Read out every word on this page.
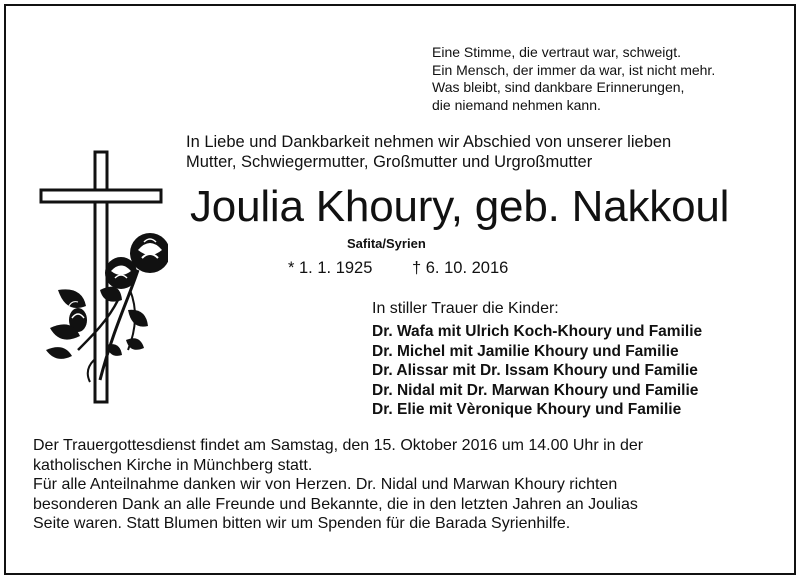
Eine Stimme, die vertraut war, schweigt.
Ein Mensch, der immer da war, ist nicht mehr.
Was bleibt, sind dankbare Erinnerungen,
die niemand nehmen kann.
In Liebe und Dankbarkeit nehmen wir Abschied von unserer lieben
Mutter, Schwiegermutter, Großmutter und Urgroßmutter
Joulia Khoury, geb. Nakkoul
Safita/Syrien
* 1. 1. 1925 † 6. 10. 2016
In stiller Trauer die Kinder:
Dr. Wafa mit Ulrich Koch-Khoury und Familie
Dr. Michel mit Jamilie Khoury und Familie
Dr. Alissar mit Dr. Issam Khoury und Familie
Dr. Nidal mit Dr. Marwan Khoury und Familie
Dr. Elie mit Vèronique Khoury und Familie
Der Trauergottesdienst findet am Samstag, den 15. Oktober 2016 um 14.00 Uhr in der
katholischen Kirche in Münchberg statt.
Für alle Anteilnahme danken wir von Herzen. Dr. Nidal und Marwan Khoury richten
besonderen Dank an alle Freunde und Bekannte, die in den letzten Jahren an Joulias
Seite waren. Statt Blumen bitten wir um Spenden für die Barada Syrienhilfe.
